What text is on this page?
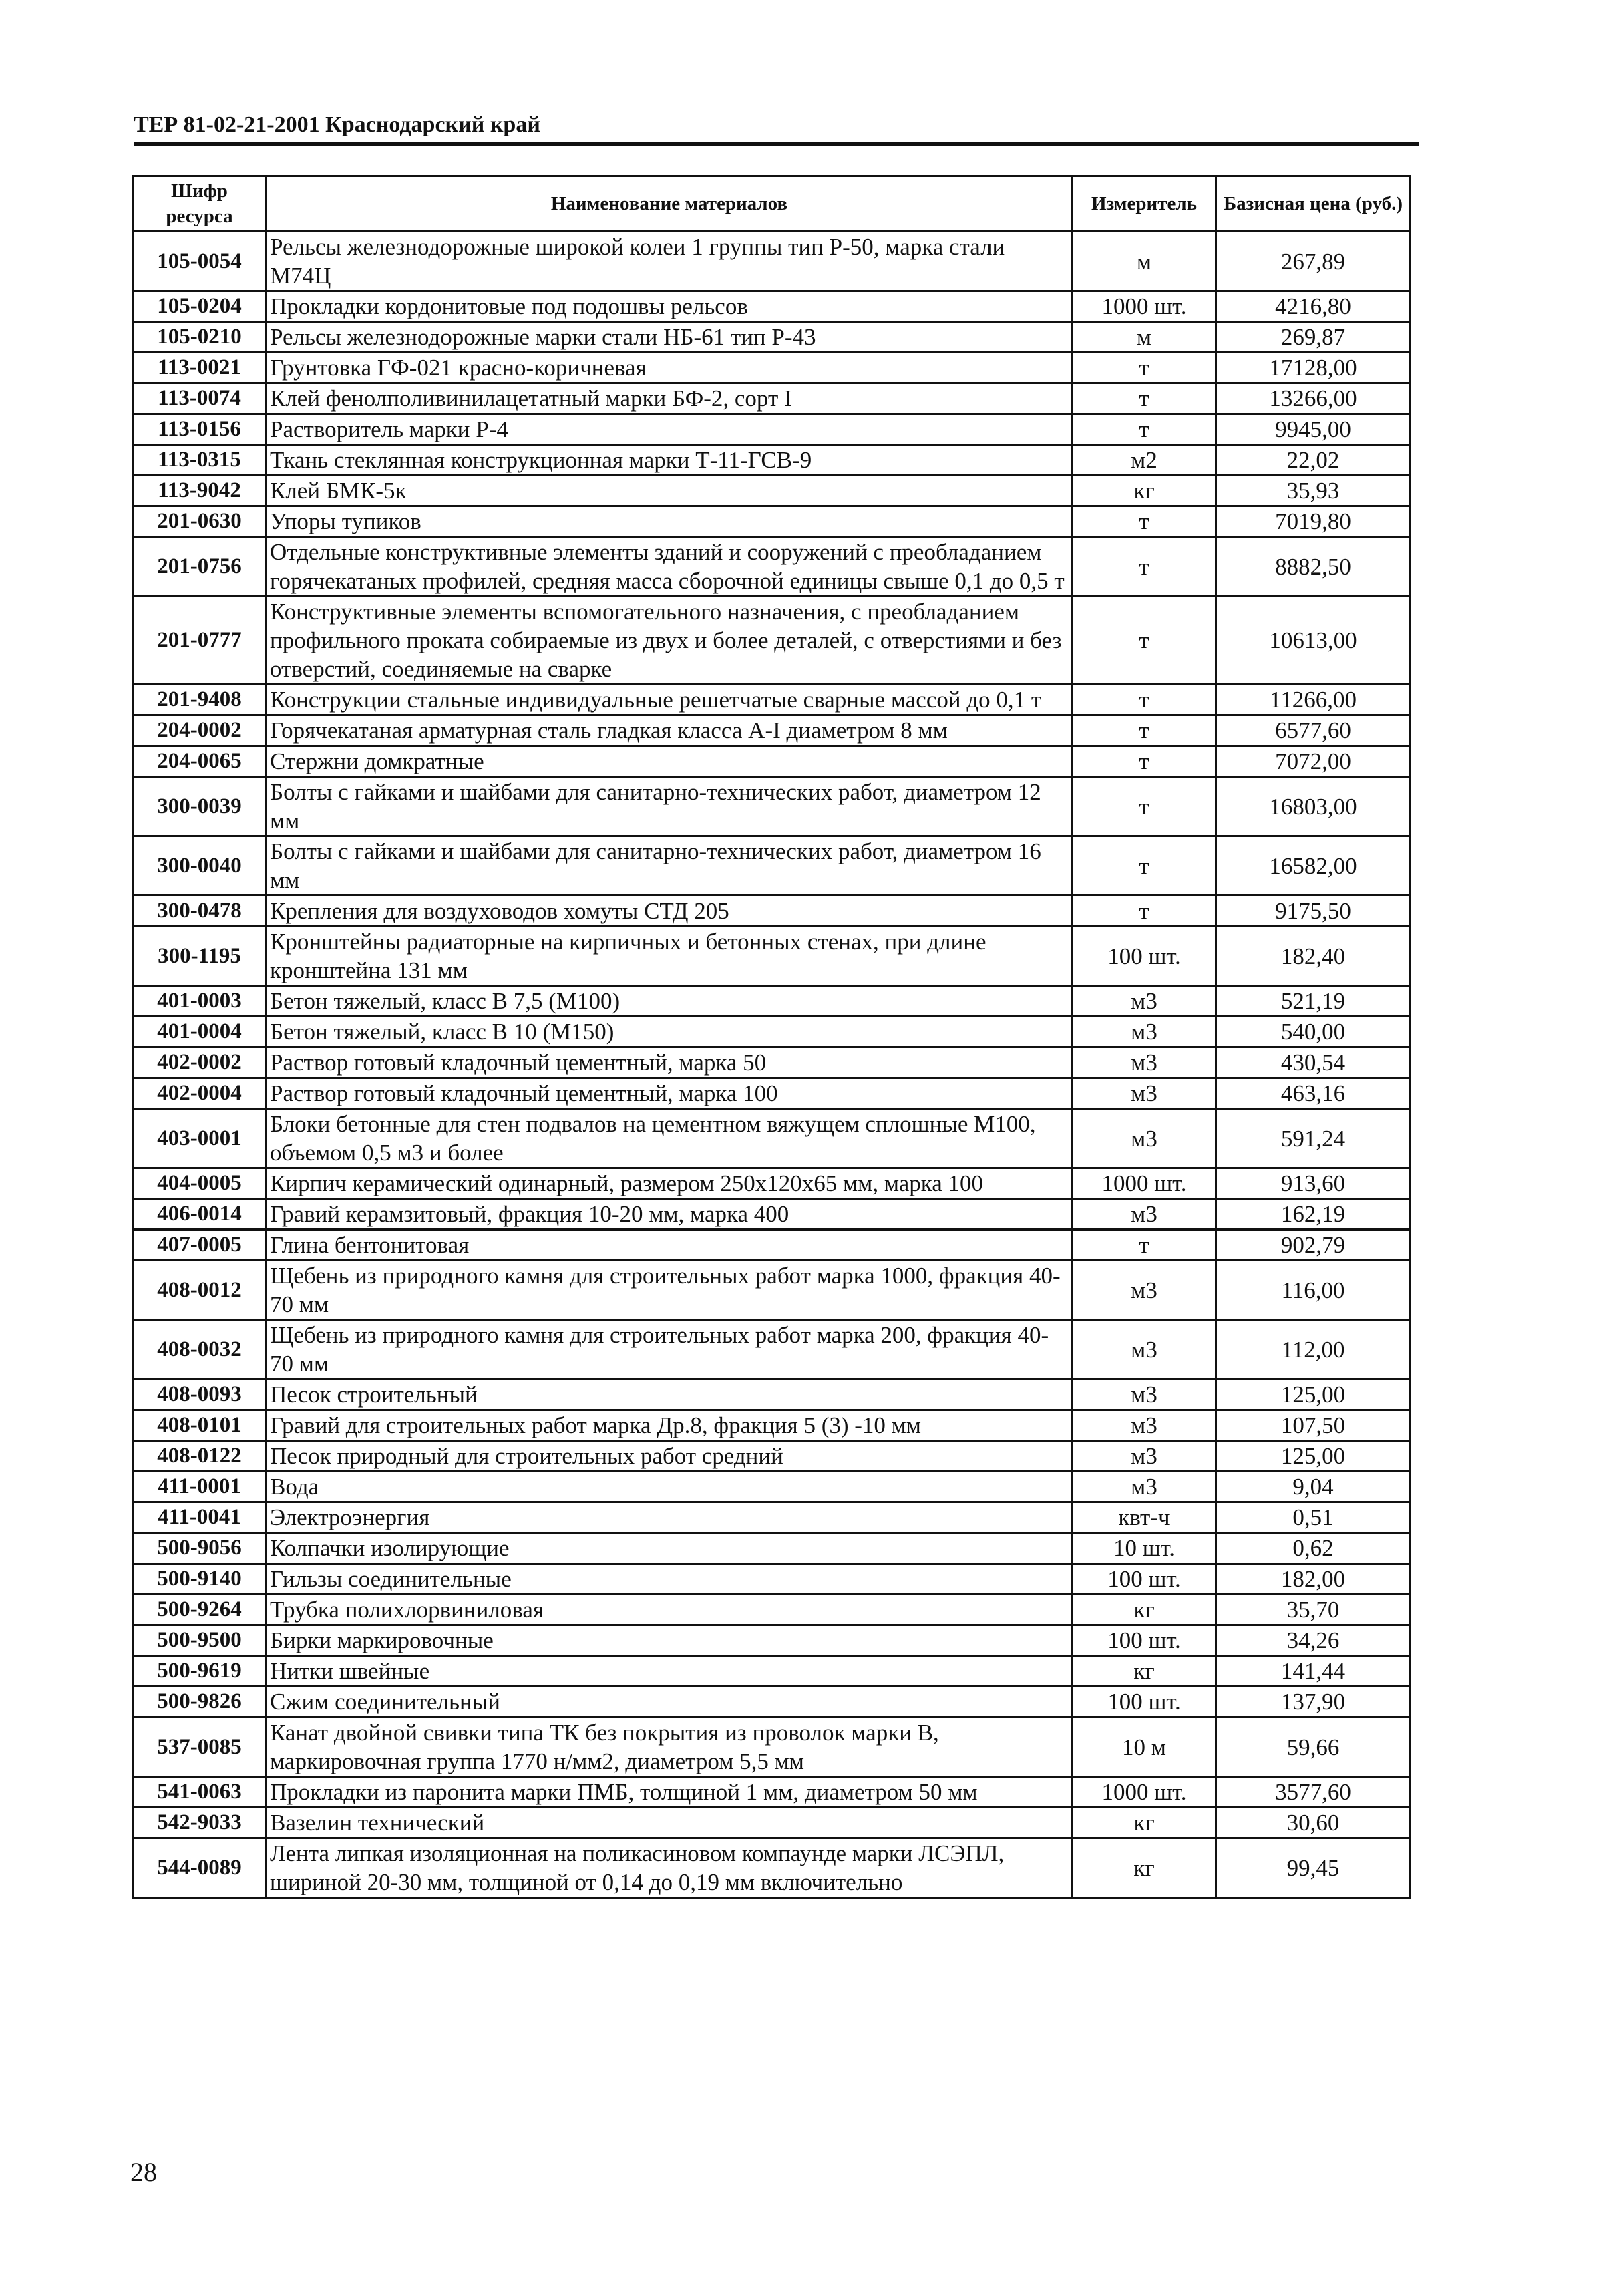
ТЕР 81-02-21-2001 Краснодарский край
Шифр ресурса	Наименование материалов	Измеритель	Базисная цена (руб.)
105-0054	Рельсы железнодорожные широкой колеи 1 группы тип Р-50, марка стали М74Ц	м	267,89
105-0204	Прокладки кордонитовые под подошвы рельсов	1000 шт.	4216,80
105-0210	Рельсы железнодорожные марки стали НБ-61 тип Р-43	м	269,87
113-0021	Грунтовка ГФ-021 красно-коричневая	т	17128,00
113-0074	Клей фенолполивинилацетатный марки БФ-2, сорт I	т	13266,00
113-0156	Растворитель марки Р-4	т	9945,00
113-0315	Ткань стеклянная конструкционная марки Т-11-ГСВ-9	м2	22,02
113-9042	Клей БМК-5к	кг	35,93
201-0630	Упоры тупиков	т	7019,80
201-0756	Отдельные конструктивные элементы зданий и сооружений с преобладанием горячекатаных профилей, средняя масса сборочной единицы свыше 0,1 до 0,5 т	т	8882,50
201-0777	Конструктивные элементы вспомогательного назначения, с преобладанием профильного проката собираемые из двух и более деталей, с отверстиями и без отверстий, соединяемые на сварке	т	10613,00
201-9408	Конструкции стальные индивидуальные решетчатые сварные массой до 0,1 т	т	11266,00
204-0002	Горячекатаная арматурная сталь гладкая класса А-I диаметром 8 мм	т	6577,60
204-0065	Стержни домкратные	т	7072,00
300-0039	Болты с гайками и шайбами для санитарно-технических работ, диаметром 12 мм	т	16803,00
300-0040	Болты с гайками и шайбами для санитарно-технических работ, диаметром 16 мм	т	16582,00
300-0478	Крепления для воздуховодов хомуты СТД 205	т	9175,50
300-1195	Кронштейны радиаторные на кирпичных и бетонных стенах, при длине кронштейна 131 мм	100 шт.	182,40
401-0003	Бетон тяжелый, класс В 7,5 (М100)	м3	521,19
401-0004	Бетон тяжелый, класс В 10 (М150)	м3	540,00
402-0002	Раствор готовый кладочный цементный, марка 50	м3	430,54
402-0004	Раствор готовый кладочный цементный, марка 100	м3	463,16
403-0001	Блоки бетонные для стен подвалов на цементном вяжущем сплошные М100, объемом 0,5 м3 и более	м3	591,24
404-0005	Кирпич керамический одинарный, размером 250х120х65 мм, марка 100	1000 шт.	913,60
406-0014	Гравий керамзитовый, фракция 10-20 мм, марка 400	м3	162,19
407-0005	Глина бентонитовая	т	902,79
408-0012	Щебень из природного камня для строительных работ марка 1000, фракция 40-70 мм	м3	116,00
408-0032	Щебень из природного камня для строительных работ марка 200, фракция 40-70 мм	м3	112,00
408-0093	Песок строительный	м3	125,00
408-0101	Гравий для строительных работ марка Др.8, фракция 5 (3) -10 мм	м3	107,50
408-0122	Песок природный для строительных работ средний	м3	125,00
411-0001	Вода	м3	9,04
411-0041	Электроэнергия	квт-ч	0,51
500-9056	Колпачки изолирующие	10 шт.	0,62
500-9140	Гильзы соединительные	100 шт.	182,00
500-9264	Трубка полихлорвиниловая	кг	35,70
500-9500	Бирки маркировочные	100 шт.	34,26
500-9619	Нитки швейные	кг	141,44
500-9826	Сжим соединительный	100 шт.	137,90
537-0085	Канат двойной свивки типа ТК без покрытия из проволок марки В, маркировочная группа 1770 н/мм2, диаметром 5,5 мм	10 м	59,66
541-0063	Прокладки из паронита марки ПМБ, толщиной 1 мм, диаметром 50 мм	1000 шт.	3577,60
542-9033	Вазелин технический	кг	30,60
544-0089	Лента липкая изоляционная на поликасиновом компаунде марки ЛСЭПЛ, шириной 20-30 мм, толщиной от 0,14 до 0,19 мм включительно	кг	99,45
28
